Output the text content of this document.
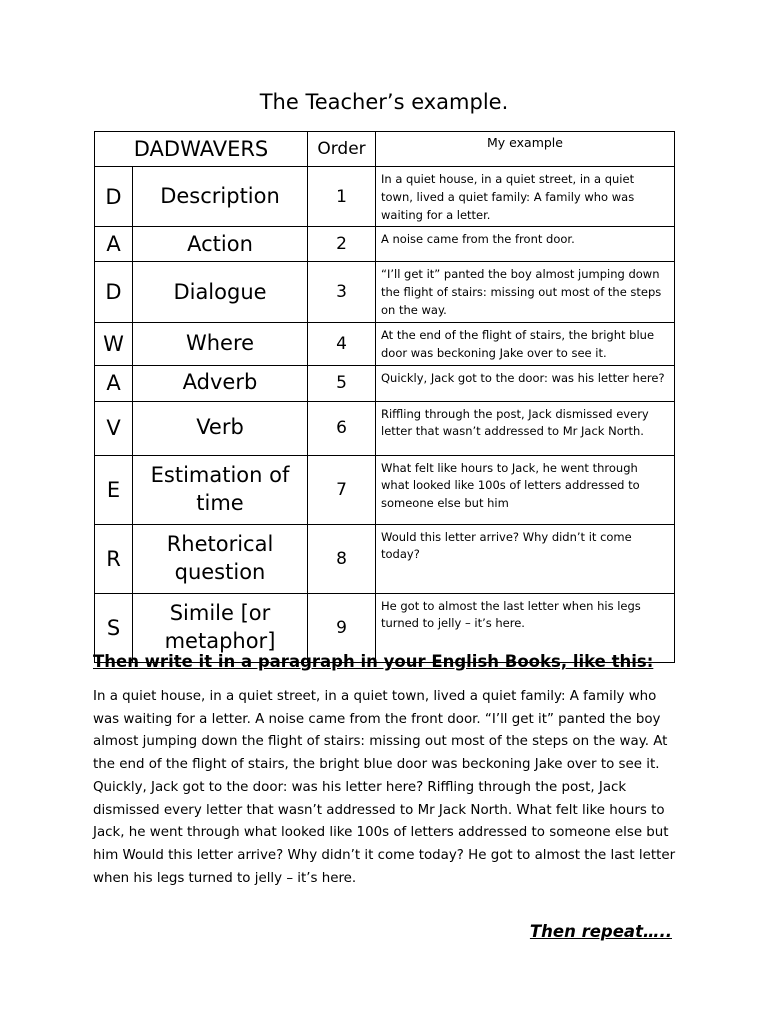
The Teacher’s example.
DADWAVERS		Order	My example
D	Description	1	In a quiet house, in a quiet street, in a quiet town, lived a quiet family: A family who was waiting for a letter.
A	Action	2	A noise came from the front door.
D	Dialogue	3	“I’ll get it” panted the boy almost jumping down the flight of stairs: missing out most of the steps on the way.
W	Where	4	At the end of the flight of stairs, the bright blue door was beckoning Jake over to see it.
A	Adverb	5	Quickly, Jack got to the door: was his letter here?
V	Verb	6	Riffling through the post, Jack dismissed every letter that wasn’t addressed to Mr Jack North.
E	Estimation of time	7	What felt like hours to Jack, he went through what looked like 100s of letters addressed to someone else but him
R	Rhetorical question	8	Would this letter arrive? Why didn’t it come today?
S	Simile [or metaphor]	9	He got to almost the last letter when his legs turned to jelly – it’s here.
Then write it in a paragraph in your English Books, like this:
In a quiet house, in a quiet street, in a quiet town, lived a quiet family: A family who was waiting for a letter. A noise came from the front door. “I’ll get it” panted the boy almost jumping down the flight of stairs: missing out most of the steps on the way. At the end of the flight of stairs, the bright blue door was beckoning Jake over to see it. Quickly, Jack got to the door: was his letter here? Riffling through the post, Jack dismissed every letter that wasn’t addressed to Mr Jack North. What felt like hours to Jack, he went through what looked like 100s of letters addressed to someone else but him Would this letter arrive? Why didn’t it come today? He got to almost the last letter when his legs turned to jelly – it’s here.
Then repeat…..
